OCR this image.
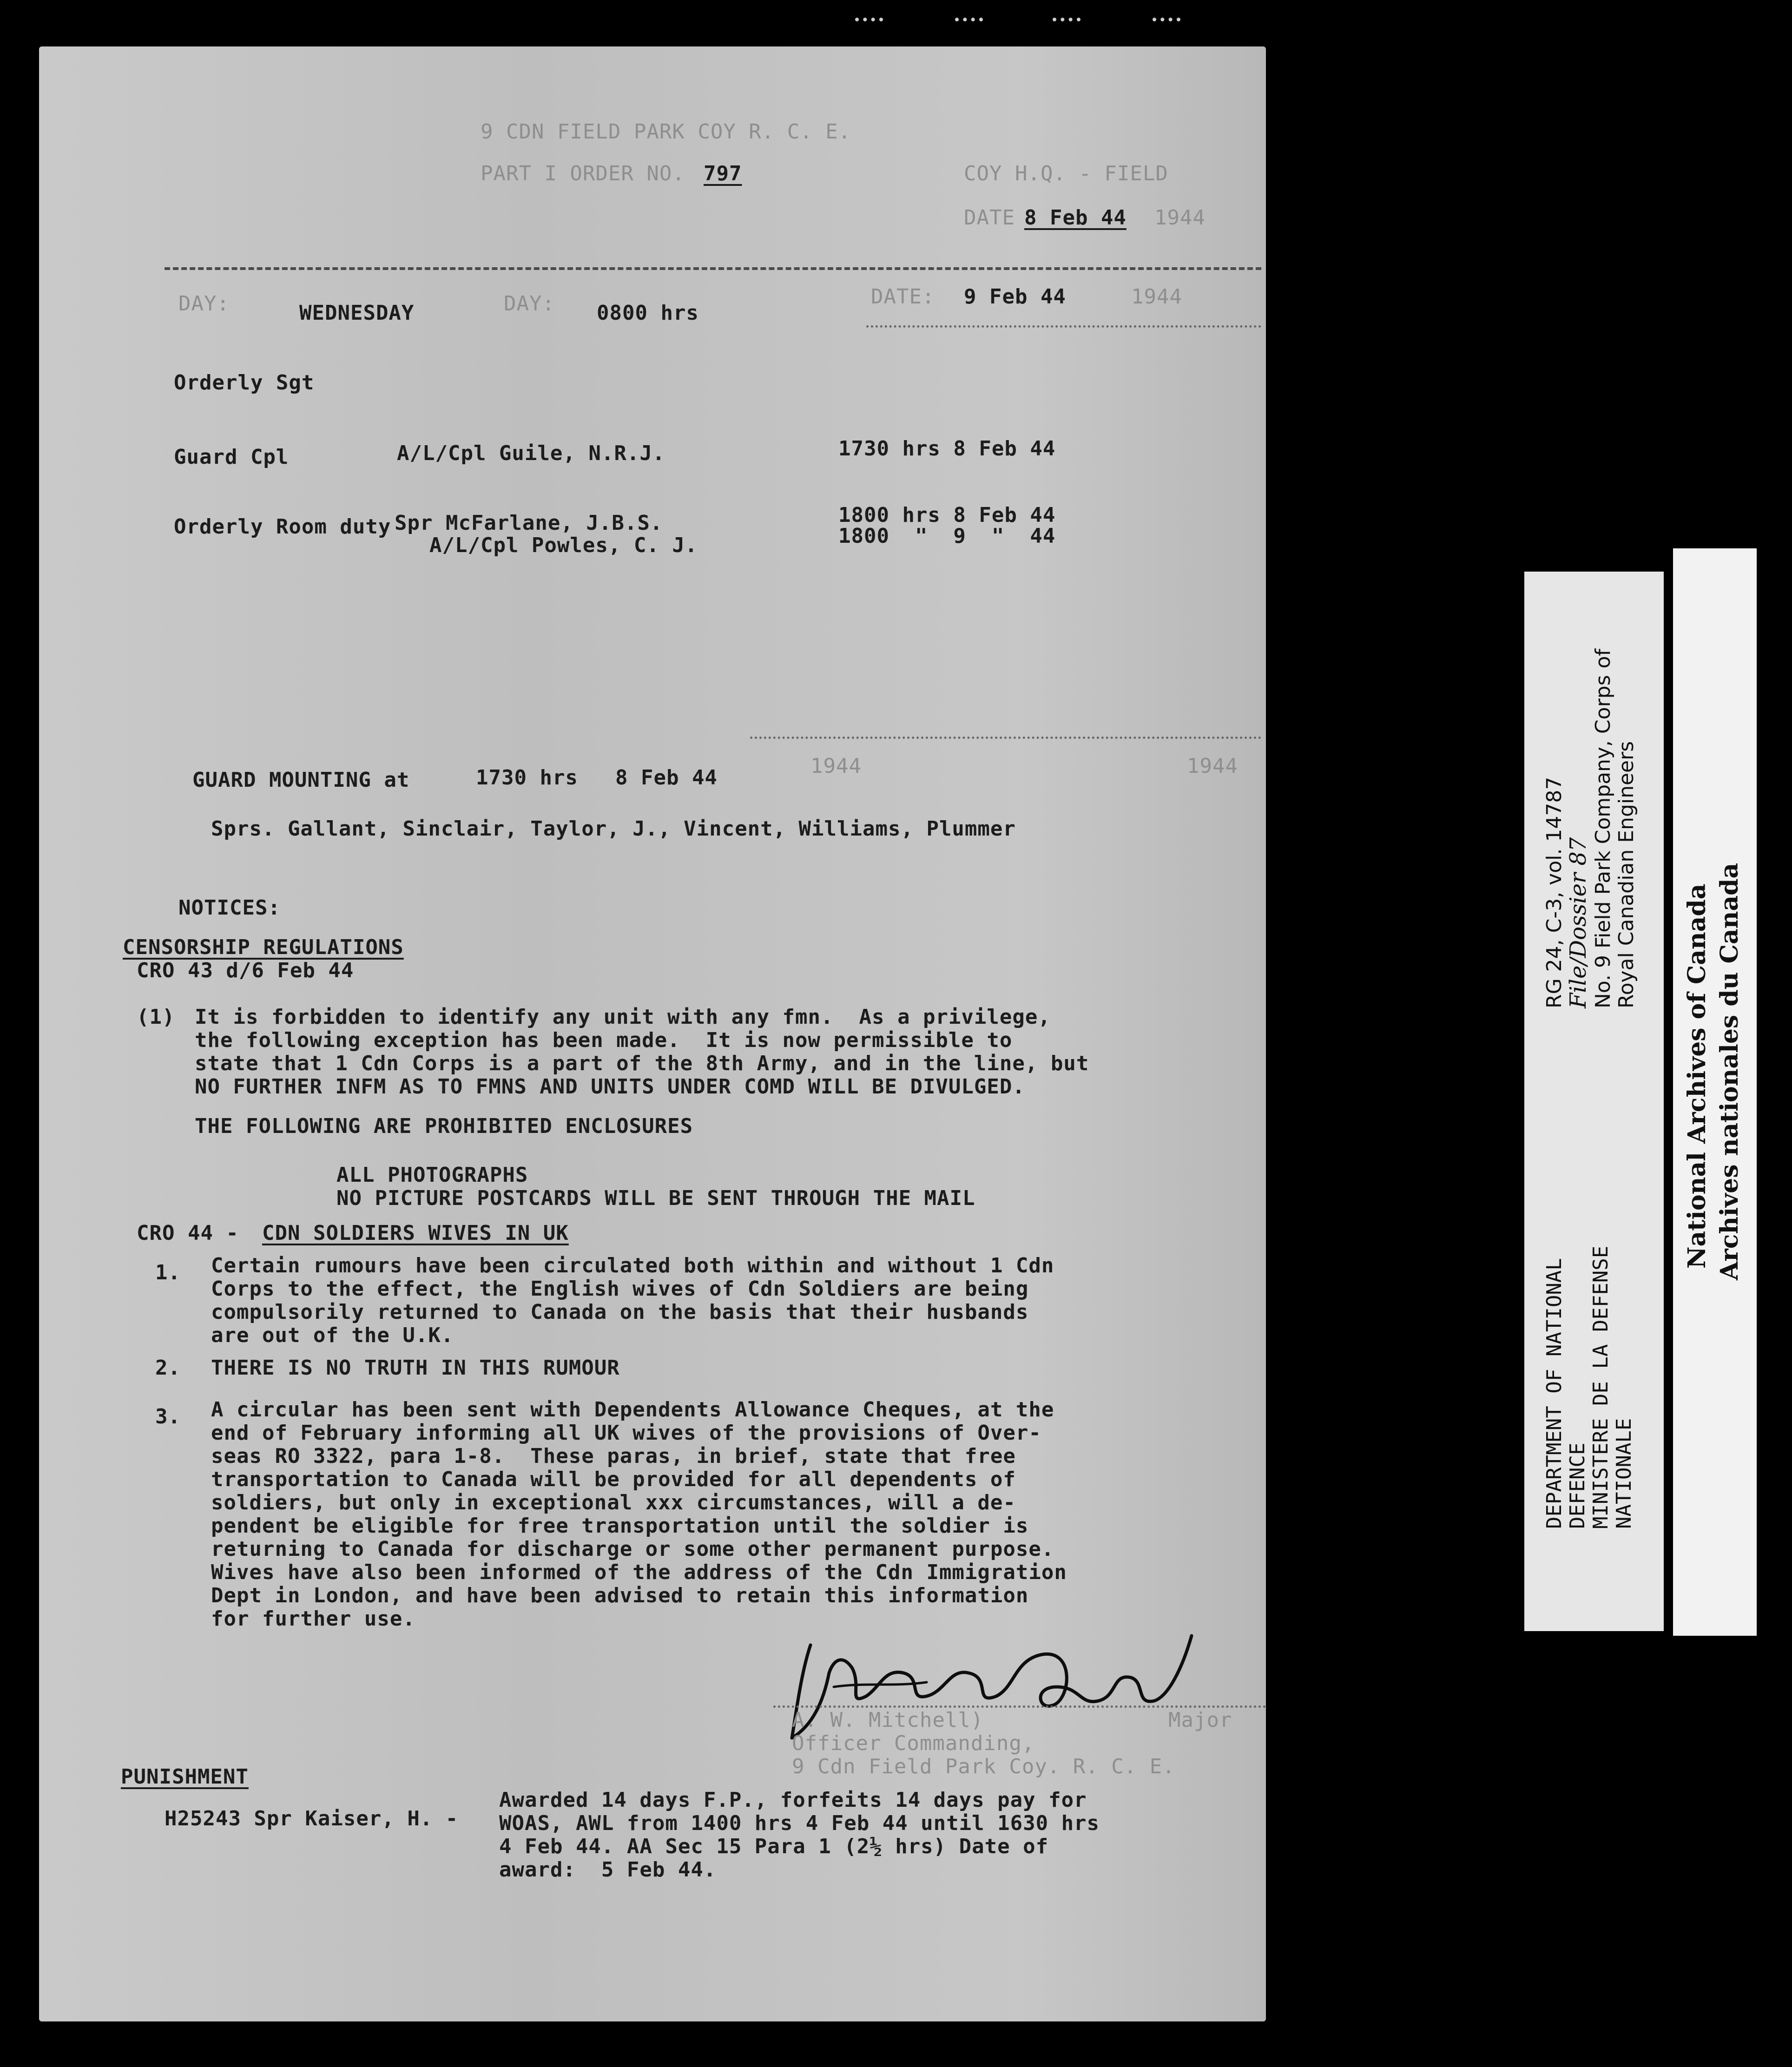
9 CDN FIELD PARK COY R. C. E.
PART I ORDER NO. 797	COY H.Q. - FIELD
DATE 8 Feb 44 1944
DAY:	WEDNESDAY	DAY: 0800 hrs
DATE: 9 Feb 44	1944
Orderly Sgt
Guard Cpl	A/L/Cpl Guile, N.R.J.	1730 hrs 8 Feb 44
Orderly Room duty Spr McFarlane, J.B.S.	1800 hrs 8 Feb 44
A/L/Cpl Powles, C. J.	1800  "  9  "  44
GUARD MOUNTING at	1730 hrs 8 Feb 44	1944	1944
Sprs. Gallant, Sinclair, Taylor, J., Vincent, Williams, Plummer
NOTICES:
CENSORSHIP REGULATIONS
CRO 43 d/6 Feb 44
(1) It is forbidden to identify any unit with any fmn.  As a privilege,
the following exception has been made.  It is now permissible to
state that 1 Cdn Corps is a part of the 8th Army, and in the line, but
NO FURTHER INFM AS TO FMNS AND UNITS UNDER COMD WILL BE DIVULGED.
THE FOLLOWING ARE PROHIBITED ENCLOSURES
ALL PHOTOGRAPHS
NO PICTURE POSTCARDS WILL BE SENT THROUGH THE MAIL
CRO 44 - CDN SOLDIERS WIVES IN UK
1. Certain rumours have been circulated both within and without 1 Cdn
Corps to the effect, the English wives of Cdn Soldiers are being
compulsorily returned to Canada on the basis that their husbands
are out of the U.K.
2. THERE IS NO TRUTH IN THIS RUMOUR
3. A circular has been sent with Dependents Allowance Cheques, at the
end of February informing all UK wives of the provisions of Over-
seas RO 3322, para 1-8.  These paras, in brief, state that free
transportation to Canada will be provided for all dependents of
soldiers, but only in exceptional xxx circumstances, will a de-
pendent be eligible for free transportation until the soldier is
returning to Canada for discharge or some other permanent purpose.
Wives have also been informed of the address of the Cdn Immigration
Dept in London, and have been advised to retain this information
for further use.
A. W. Mitchell)	Major
Officer Commanding,
9 Cdn Field Park Coy. R. C. E.
PUNISHMENT
H25243 Spr Kaiser, H. -
Awarded 14 days F.P., forfeits 14 days pay for
WOAS, AWL from 1400 hrs 4 Feb 44 until 1630 hrs
4 Feb 44. AA Sec 15 Para 1 (2½ hrs) Date of
award:  5 Feb 44.
DEPARTMENT OF NATIONAL DEFENCE MINISTERE DE LA DEFENSE NATIONALE
RG 24, C-3, vol. 14787
File/Dossier 87 No. 9 Field Park Company, Corps of Royal Canadian Engineers
National Archives of Canada Archives nationales du Canada
